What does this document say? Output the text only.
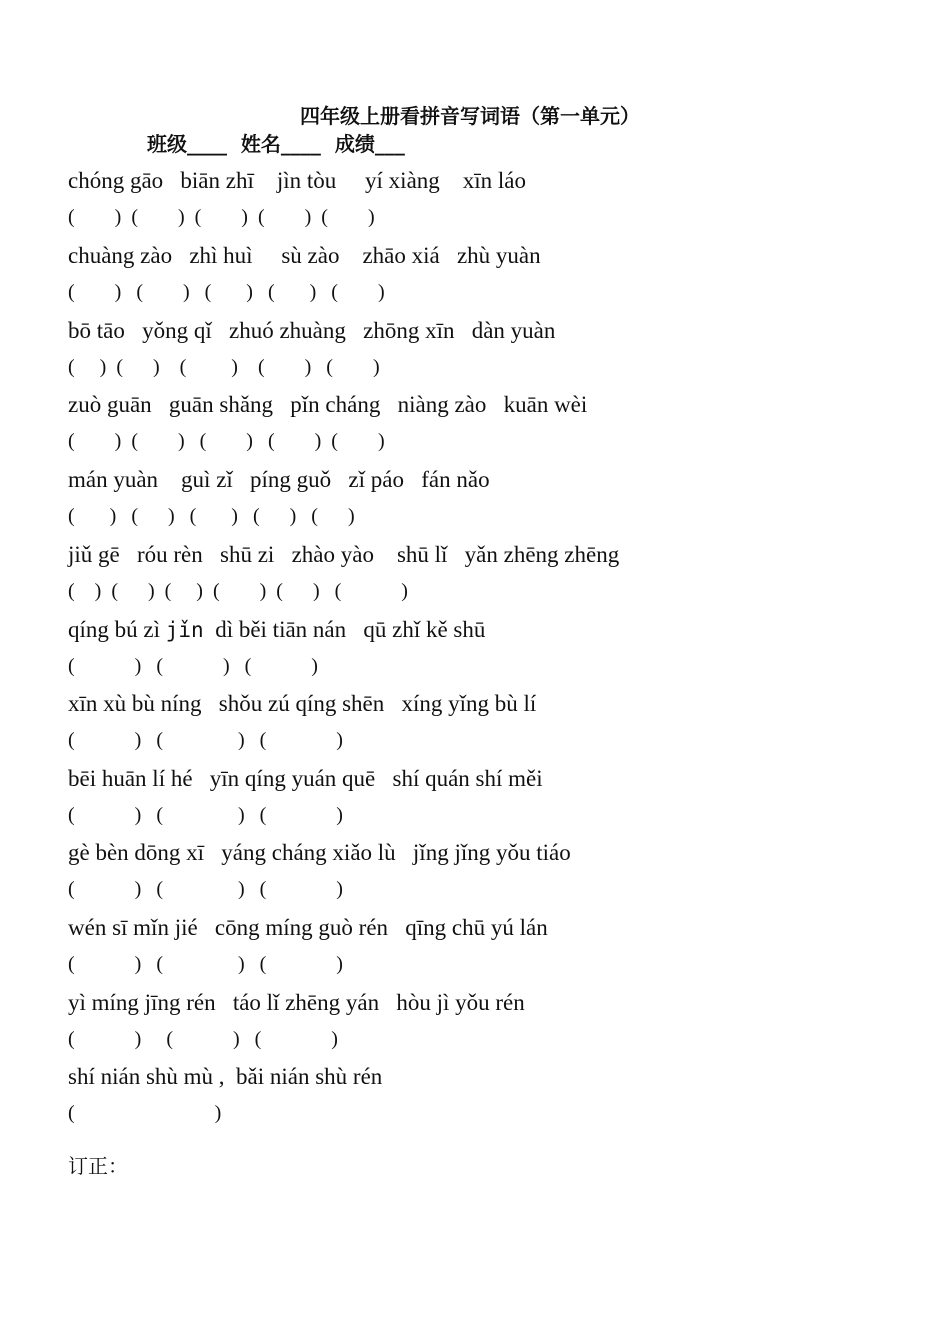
四年级上册看拼音写词语（第一单元）
班级____  姓名____  成绩___
chóng gāo   biān zhī    jìn tòu     yí xiàng    xīn láo
(        )  (        )  (        )  (        )  (        )
chuàng zào   zhì huì     sù zào    zhāo xiá   zhù yuàn
(        )   (        )   (       )   (       )   (        )
bō tāo   yǒng qǐ   zhuó zhuàng   zhōng xīn   dàn yuàn
(     )  (      )    (         )    (        )   (        )
zuò guān   guān shǎng   pǐn cháng   niàng zào   kuān wèi
(        )  (        )   (        )   (        )  (        )
mán yuàn    guì zǐ   píng guǒ   zǐ páo   fán nǎo
(       )   (      )   (       )   (      )   (      )
jiǔ gē   róu rèn   shū zi   zhào yào    shū lǐ   yǎn zhēng zhēng
(    )  (      )  (     )  (        )  (      )   (            )
qíng bú zì jǐn  dì běi tiān nán   qū zhǐ kě shū
(            )   (            )   (            )
xīn xù bù níng   shǒu zú qíng shēn   xíng yǐng bù lí
(            )   (               )   (              )
bēi huān lí hé   yīn qíng yuán quē   shí quán shí měi
(            )   (               )   (              )
gè bèn dōng xī   yáng cháng xiǎo lù   jǐng jǐng yǒu tiáo
(            )   (               )   (              )
wén sī mǐn jié   cōng míng guò rén   qīng chū yú lán
(            )   (               )   (              )
yì míng jīng rén   táo lǐ zhēng yán   hòu jì yǒu rén
(            )     (            )   (              )
shí nián shù mù ,  bǎi nián shù rén
(                            )
订正：
